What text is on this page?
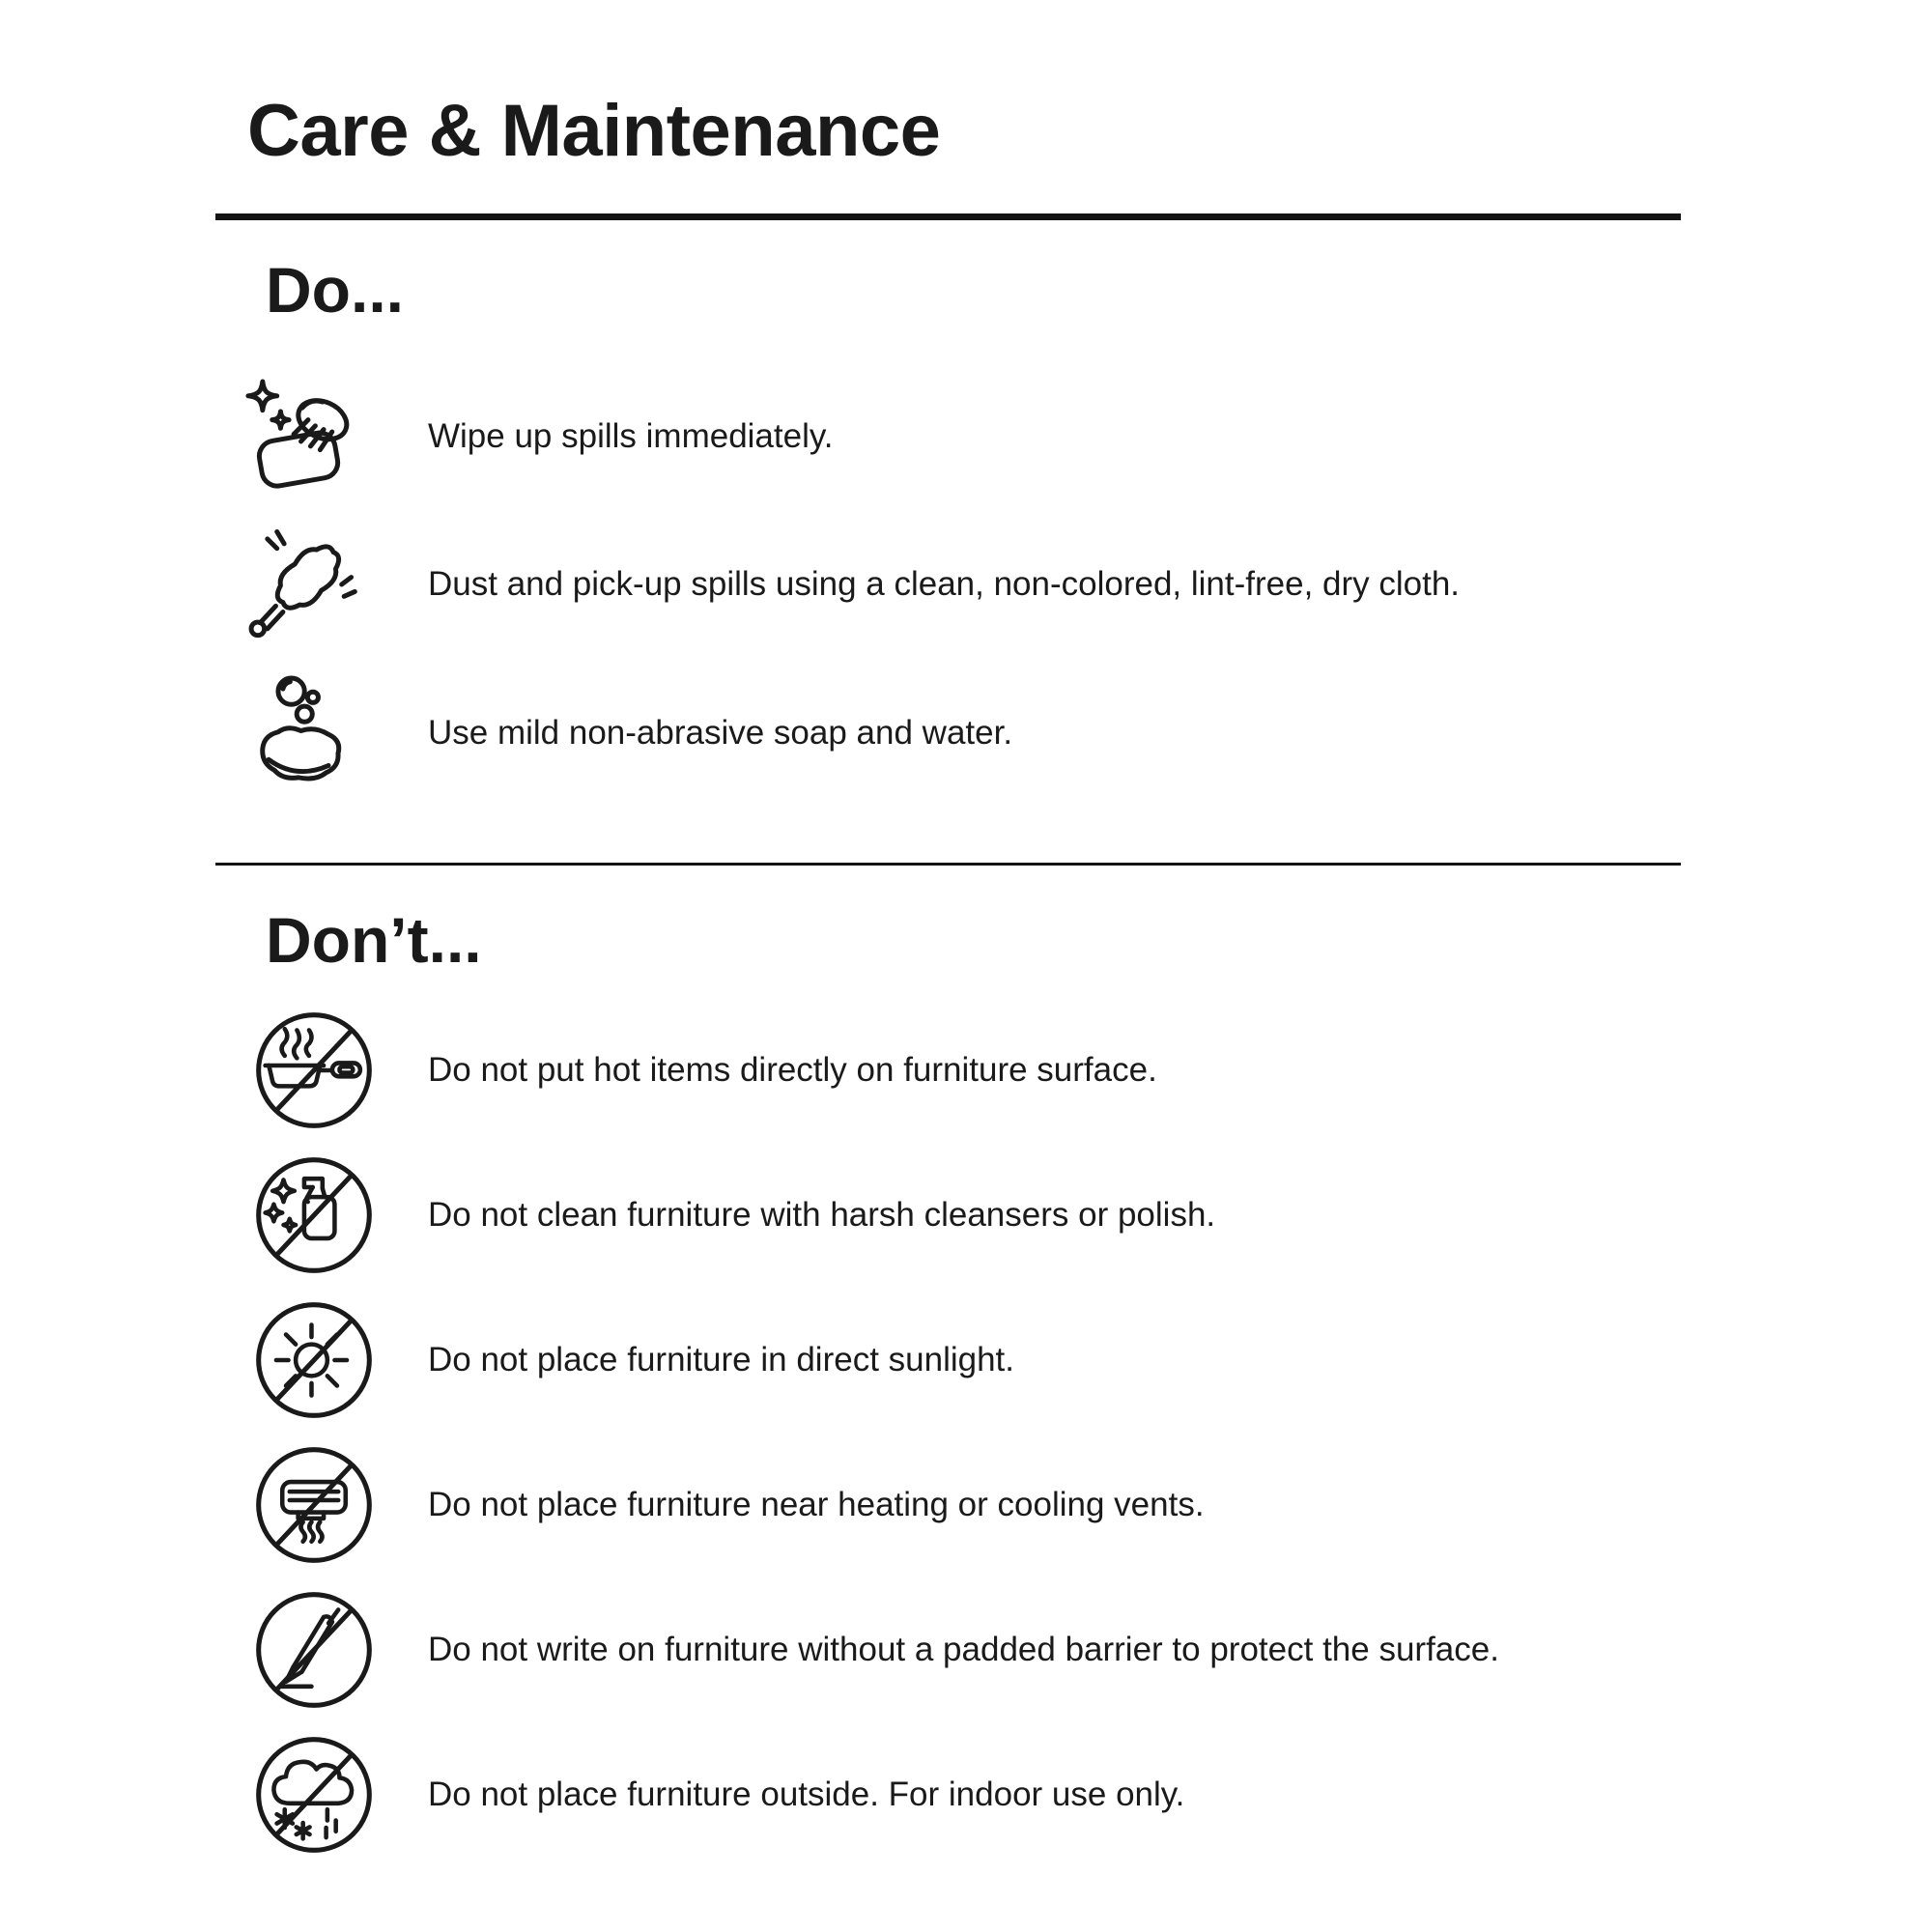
Care & Maintenance
Do...
Wipe up spills immediately.
Dust and pick-up spills using a clean, non-colored, lint-free, dry cloth.
Use mild non-abrasive soap and water.
Don’t...
Do not put hot items directly on furniture surface.
Do not clean furniture with harsh cleansers or polish.
Do not place furniture in direct sunlight.
Do not place furniture near heating or cooling vents.
Do not write on furniture without a padded barrier to protect the surface.
Do not place furniture outside. For indoor use only.
